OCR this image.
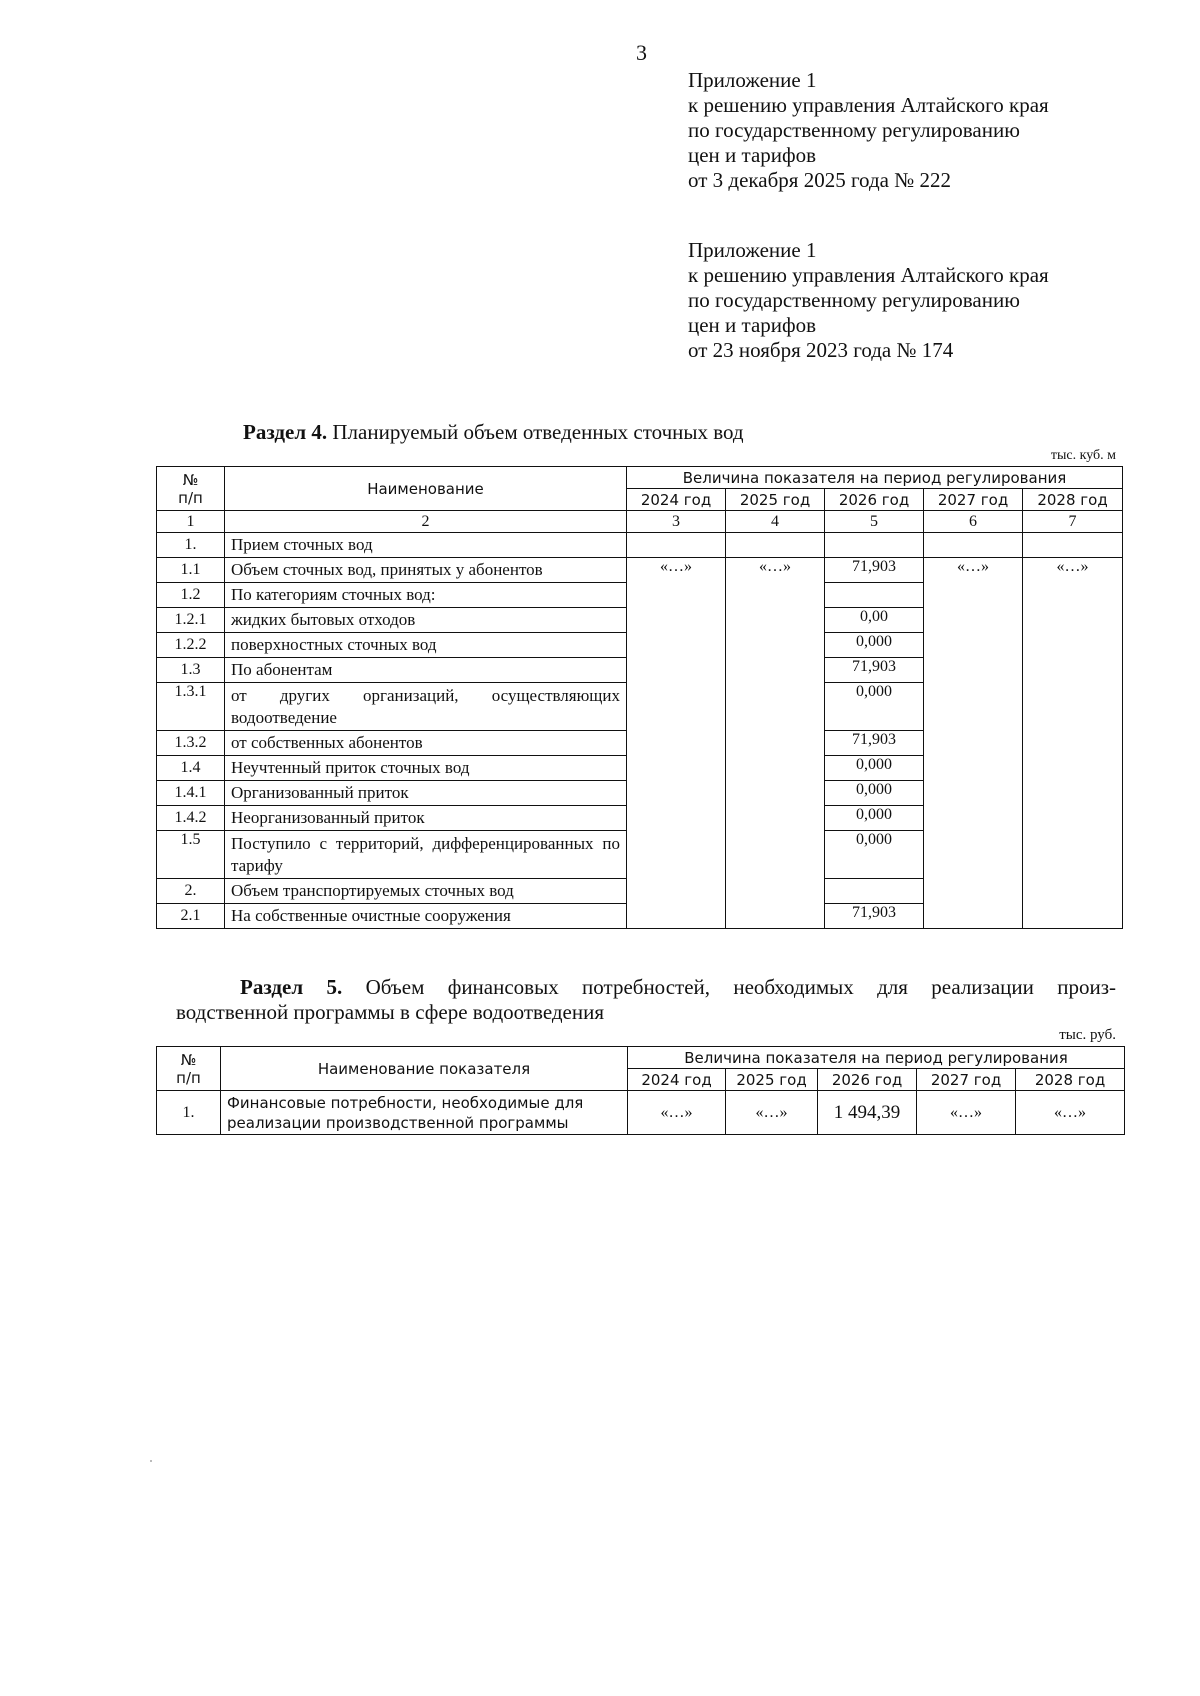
3
Приложение 1
к решению управления Алтайского края
по государственному регулированию
цен и тарифов
от 3 декабря 2025 года № 222
Приложение 1
к решению управления Алтайского края
по государственному регулированию
цен и тарифов
от 23 ноября 2023 года № 174
Раздел 4. Планируемый объем отведенных сточных вод
тыс. куб. м
№
п/п	Наименование	Величина показателя на период регулирования				
		2024 год	2025 год	2026 год	2027 год	2028 год
1	2	3	4	5	6	7
1.	Прием сточных вод					
1.1	Объем сточных вод, принятых у абонентов	«…»	«…»	71,903	«…»	«…»
1.2	По категориям сточных вод:					
1.2.1	жидких бытовых отходов			0,00		
1.2.2	поверхностных сточных вод			0,000		
1.3	По абонентам			71,903		
1.3.1	от других организаций, осуществляющих водоотведение			0,000		
1.3.2	от собственных абонентов			71,903		
1.4	Неучтенный приток сточных вод			0,000		
1.4.1	Организованный приток			0,000		
1.4.2	Неорганизованный приток			0,000		
1.5	Поступило с территорий, дифференцированных по тарифу			0,000		
2.	Объем транспортируемых сточных вод					
2.1	На собственные очистные сооружения			71,903		
Раздел 5. Объем финансовых потребностей, необходимых для реализации произ-
водственной программы в сфере водоотведения
тыс. руб.
№
п/п	Наименование показателя	Величина показателя на период регулирования				
		2024 год	2025 год	2026 год	2027 год	2028 год
1.	Финансовые потребности, необходимые для реализации производственной программы	«…»	«…»	1 494,39	«…»	«…»
